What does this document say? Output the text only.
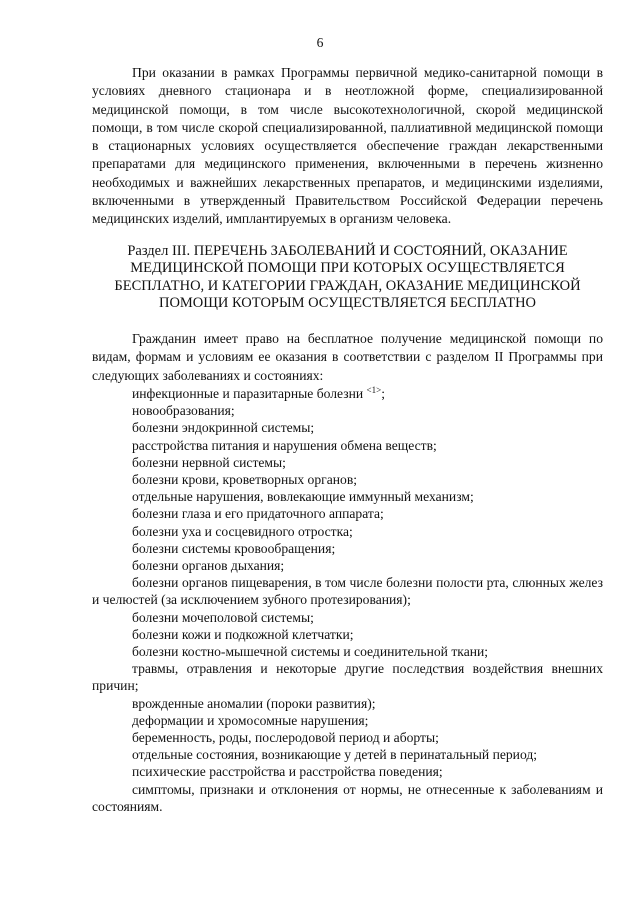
6

При оказании в рамках Программы первичной медико-санитарной помощи в условиях дневного стационара и в неотложной форме, специализированной медицинской помощи, в том числе высокотехнологичной, скорой медицинской помощи, в том числе скорой специализированной, паллиативной медицинской помощи в стационарных условиях осуществляется обеспечение граждан лекарственными препаратами для медицинского применения, включенными в перечень жизненно необходимых и важнейших лекарственных препаратов, и медицинскими изделиями, включенными в утвержденный Правительством Российской Федерации перечень медицинских изделий, имплантируемых в организм человека.

Раздел III. ПЕРЕЧЕНЬ ЗАБОЛЕВАНИЙ И СОСТОЯНИЙ, ОКАЗАНИЕ
МЕДИЦИНСКОЙ ПОМОЩИ ПРИ КОТОРЫХ ОСУЩЕСТВЛЯЕТСЯ
БЕСПЛАТНО, И КАТЕГОРИИ ГРАЖДАН, ОКАЗАНИЕ МЕДИЦИНСКОЙ
ПОМОЩИ КОТОРЫМ ОСУЩЕСТВЛЯЕТСЯ БЕСПЛАТНО

Гражданин имеет право на бесплатное получение медицинской помощи по видам, формам и условиям ее оказания в соответствии с разделом II Программы при следующих заболеваниях и состояниях:

инфекционные и паразитарные болезни $^{<1>}$;
новообразования;
болезни эндокринной системы;
расстройства питания и нарушения обмена веществ;
болезни нервной системы;
болезни крови, кроветворных органов;
отдельные нарушения, вовлекающие иммунный механизм;
болезни глаза и его придаточного аппарата;
болезни уха и сосцевидного отростка;
болезни системы кровообращения;
болезни органов дыхания;
болезни органов пищеварения, в том числе болезни полости рта, слюнных желез и челюстей (за исключением зубного протезирования);
болезни мочеполовой системы;
болезни кожи и подкожной клетчатки;
болезни костно-мышечной системы и соединительной ткани;
травмы, отравления и некоторые другие последствия воздействия внешних причин;
врожденные аномалии (пороки развития);
деформации и хромосомные нарушения;
беременность, роды, послеродовой период и аборты;
отдельные состояния, возникающие у детей в перинатальный период;
психические расстройства и расстройства поведения;
симптомы, признаки и отклонения от нормы, не отнесенные к заболеваниям и состояниям.
